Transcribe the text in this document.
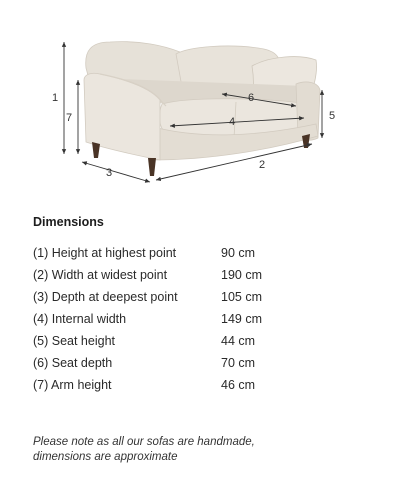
1
7	5
6
4
2
3
Dimensions
(1) Height at highest point	90 cm
(2) Width at widest point	190 cm
(3) Depth at deepest point	105 cm
(4) Internal width	149 cm
(5) Seat height	44 cm
(6) Seat depth	70 cm
(7) Arm height	46 cm

Please note as all our sofas are handmade,
dimensions are approximate
